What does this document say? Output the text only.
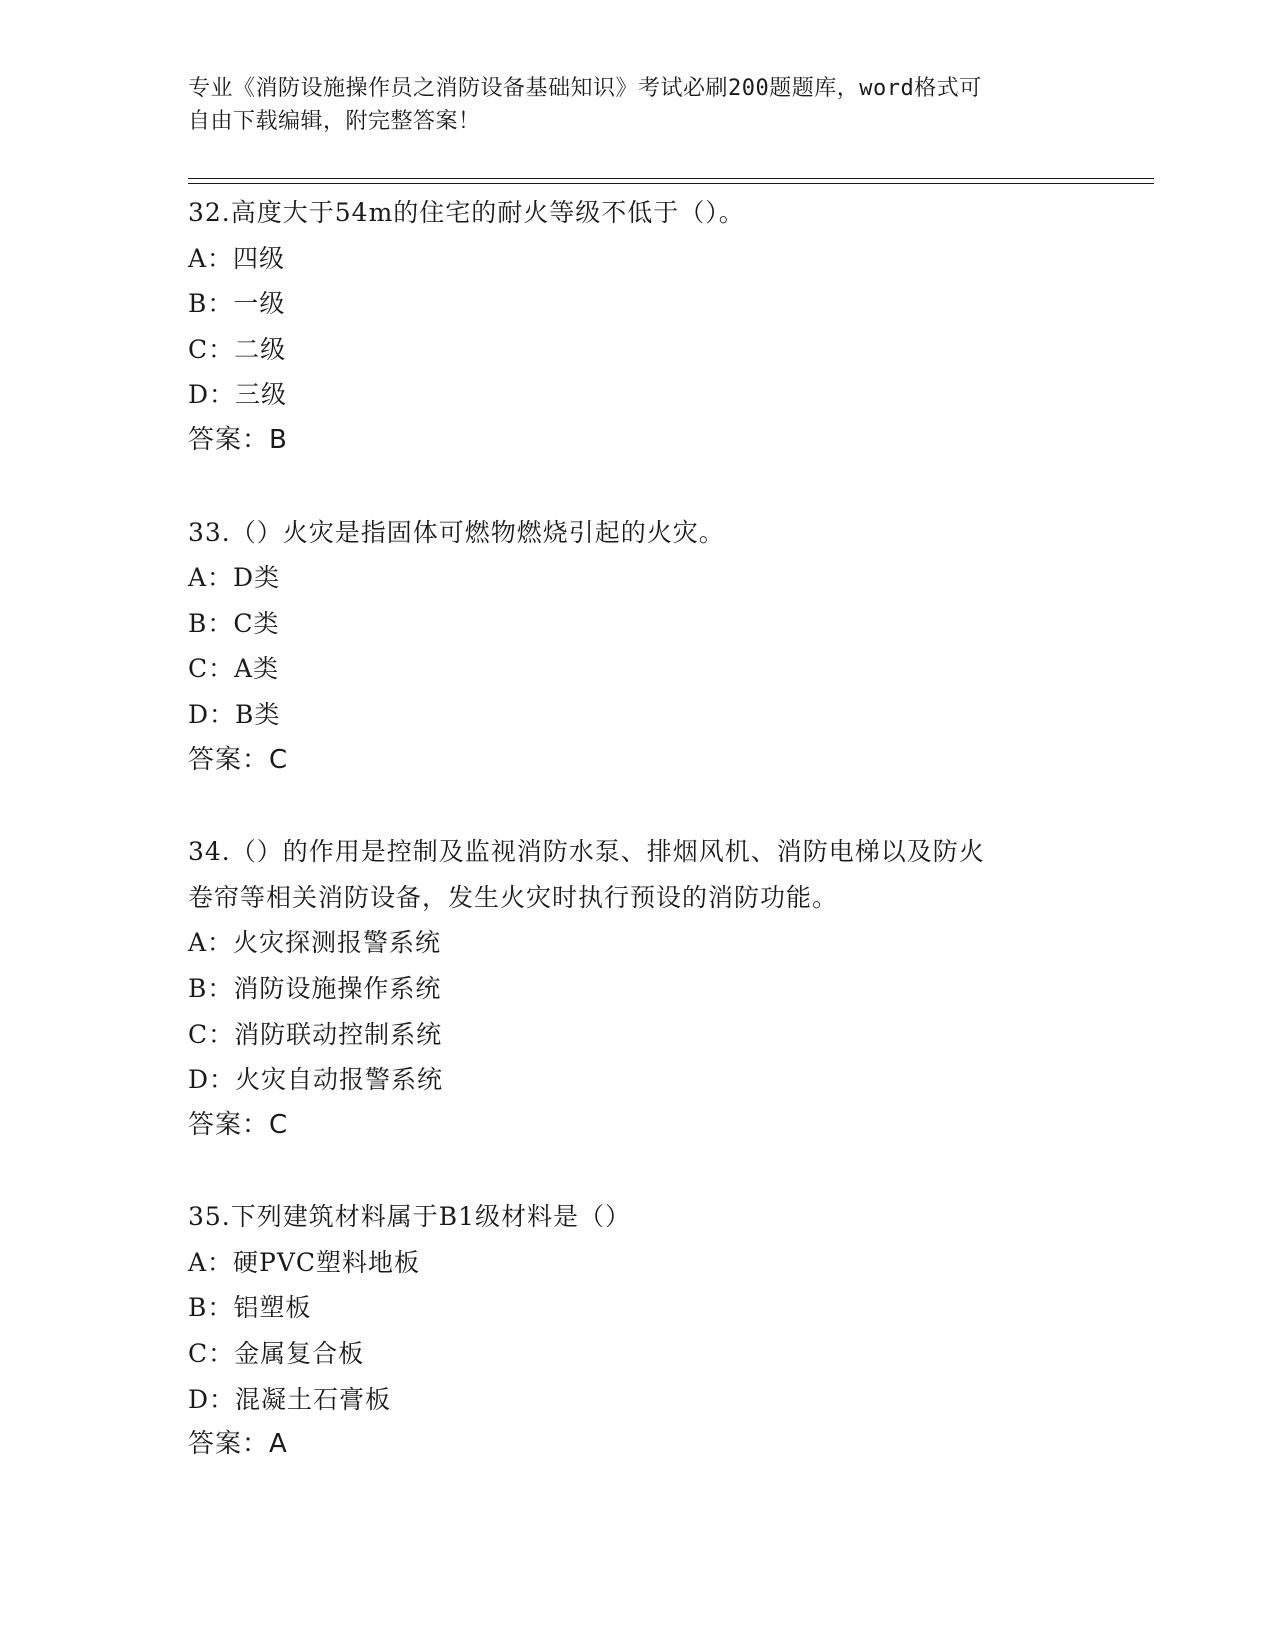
专业《消防设施操作员之消防设备基础知识》考试必刷200题题库，word格式可
自由下载编辑，附完整答案！
32.高度大于54m的住宅的耐火等级不低于（）。
A：四级
B：一级
C：二级
D：三级
答案：B
33.（）火灾是指固体可燃物燃烧引起的火灾。
A：D类
B：C类
C：A类
D：B类
答案：C
34.（）的作用是控制及监视消防水泵、排烟风机、消防电梯以及防火
卷帘等相关消防设备，发生火灾时执行预设的消防功能。
A：火灾探测报警系统
B：消防设施操作系统
C：消防联动控制系统
D：火灾自动报警系统
答案：C
35.下列建筑材料属于B1级材料是（）
A：硬PVC塑料地板
B：铝塑板
C：金属复合板
D：混凝土石膏板
答案：A
